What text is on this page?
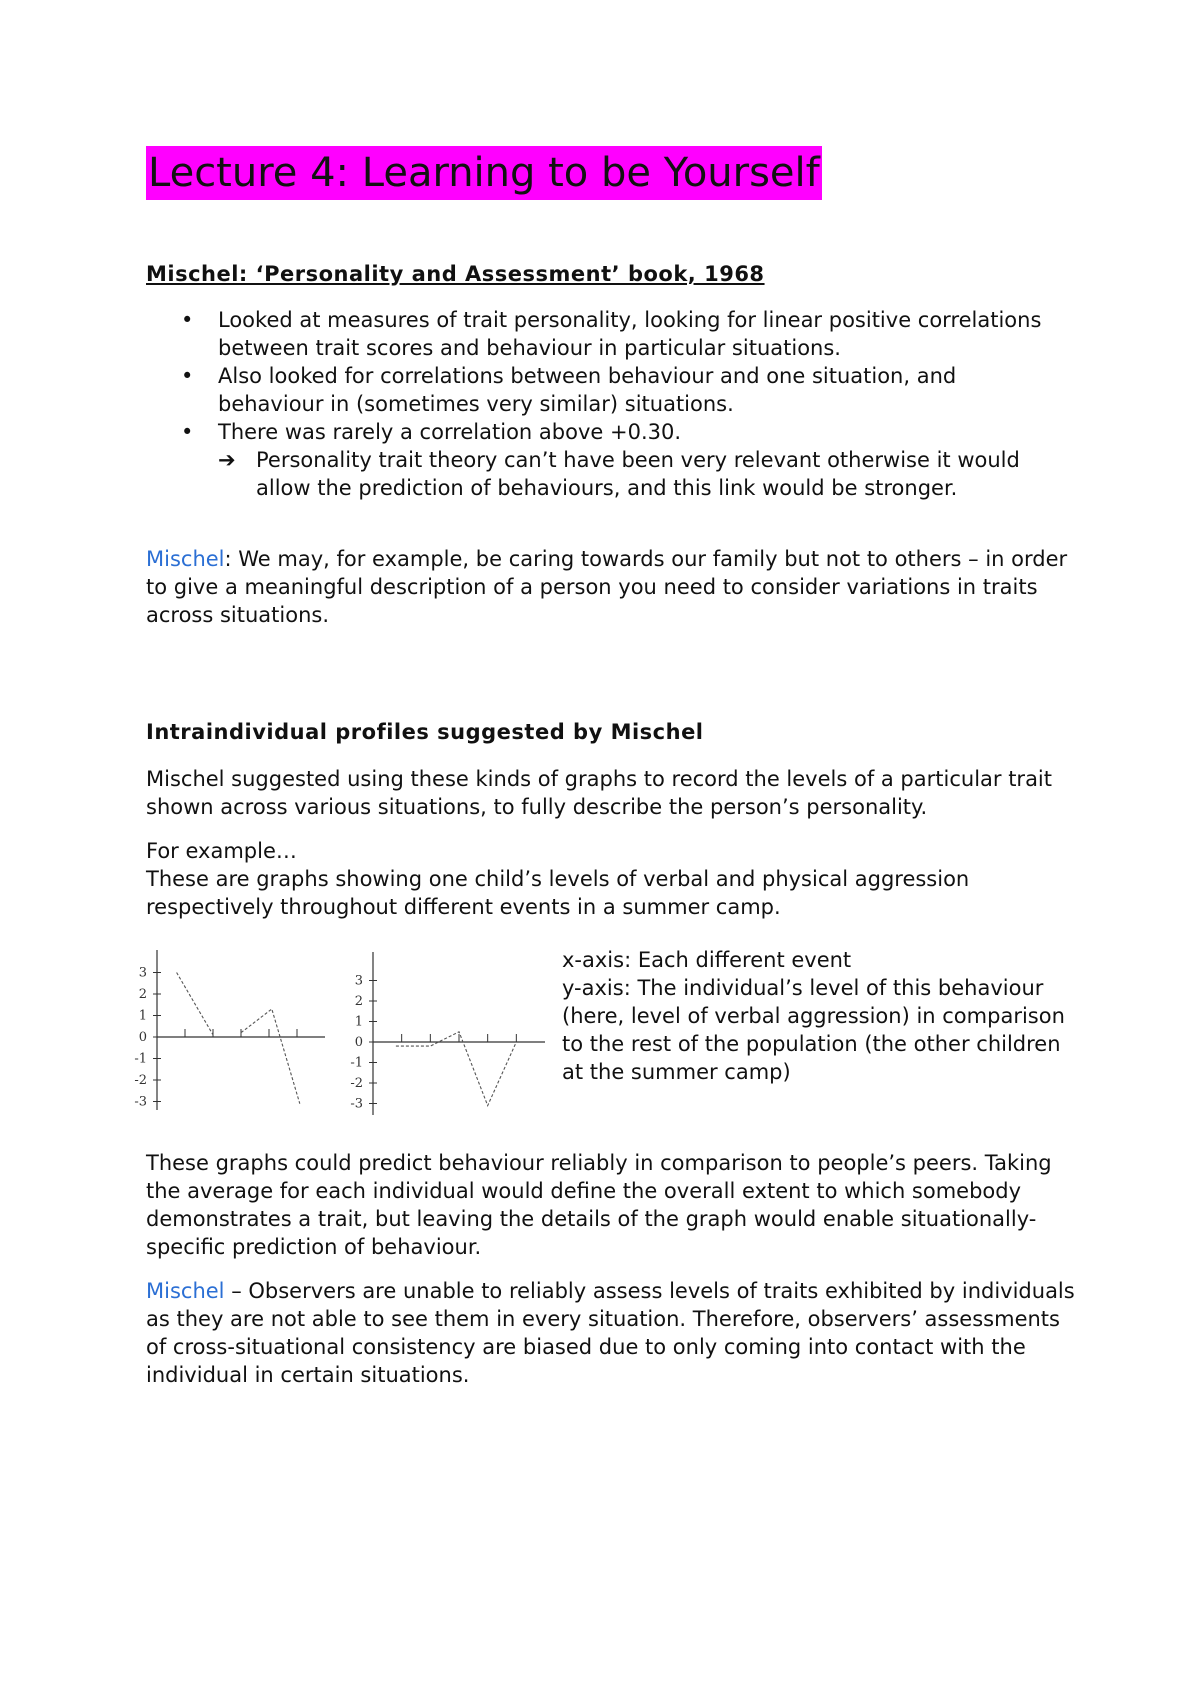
Lecture 4: Learning to be Yourself
Mischel: ‘Personality and Assessment’ book, 1968
• Looked at measures of trait personality, looking for linear positive correlations between trait scores and behaviour in particular situations.
• Also looked for correlations between behaviour and one situation, and behaviour in (sometimes very similar) situations.
• There was rarely a correlation above +0.30.
➔ Personality trait theory can’t have been very relevant otherwise it would allow the prediction of behaviours, and this link would be stronger.

Mischel: We may, for example, be caring towards our family but not to others – in order to give a meaningful description of a person you need to consider variations in traits across situations.

Intraindividual profiles suggested by Mischel

Mischel suggested using these kinds of graphs to record the levels of a particular trait shown across various situations, to fully describe the person’s personality.

For example…
These are graphs showing one child’s levels of verbal and physical aggression respectively throughout different events in a summer camp.

3
2
1
0
-1
-2
-3
3
2
1
0
-1
-2
-3
x-axis: Each different event
y-axis: The individual’s level of this behaviour (here, level of verbal aggression) in comparison to the rest of the population (the other children at the summer camp)

These graphs could predict behaviour reliably in comparison to people’s peers. Taking the average for each individual would define the overall extent to which somebody demonstrates a trait, but leaving the details of the graph would enable situationally-specific prediction of behaviour.

Mischel – Observers are unable to reliably assess levels of traits exhibited by individuals as they are not able to see them in every situation. Therefore, observers’ assessments of cross-situational consistency are biased due to only coming into contact with the individual in certain situations.
